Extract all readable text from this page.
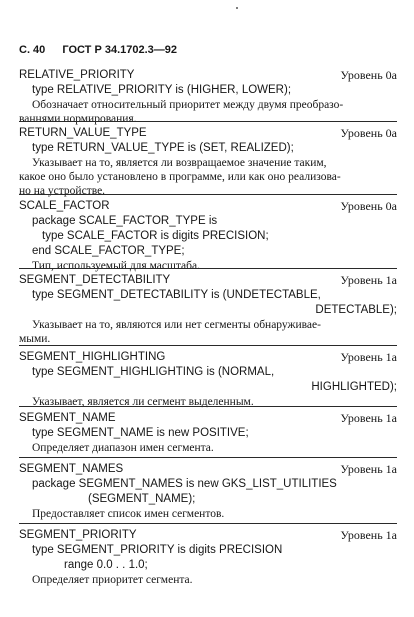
С. 40 ГОСТ Р 34.1702.3—92
RELATIVE_PRIORITY	Уровень 0a
type RELATIVE_PRIORITY is (HIGHER, LOWER);
Обозначает относительный приоритет между двумя преобразо-
ваннями нормирования.
RETURN_VALUE_TYPE	Уровень 0a
type RETURN_VALUE_TYPE is (SET, REALIZED);
Указывает на то, является ли возвращаемое значение таким,
какое оно было установлено в программе, или как оно реализова-
но на устройстве.
SCALE_FACTOR	Уровень 0a
package SCALE_FACTOR_TYPE is
type SCALE_FACTOR is digits PRECISION;
end SCALE_FACTOR_TYPE;
Тип, используемый для масштаба.
SEGMENT_DETECTABILITY	Уровень 1a
type SEGMENT_DETECTABILITY is (UNDETECTABLE,
DETECTABLE);
Указывает на то, являются или нет сегменты обнаруживае-
мыми.
SEGMENT_HIGHLIGHTING	Уровень 1a
type SEGMENT_HIGHLIGHTING is (NORMAL,
HIGHLIGHTED);
Указывает, является ли сегмент выделенным.
SEGMENT_NAME	Уровень 1a
type SEGMENT_NAME is new POSITIVE;
Определяет диапазон имен сегмента.
SEGMENT_NAMES	Уровень 1a
package SEGMENT_NAMES is new GKS_LIST_UTILITIES
(SEGMENT_NAME);
Предоставляет список имен сегментов.
SEGMENT_PRIORITY	Уровень 1a
type SEGMENT_PRIORITY is digits PRECISION
range 0.0 . . 1.0;
Определяет приоритет сегмента.
